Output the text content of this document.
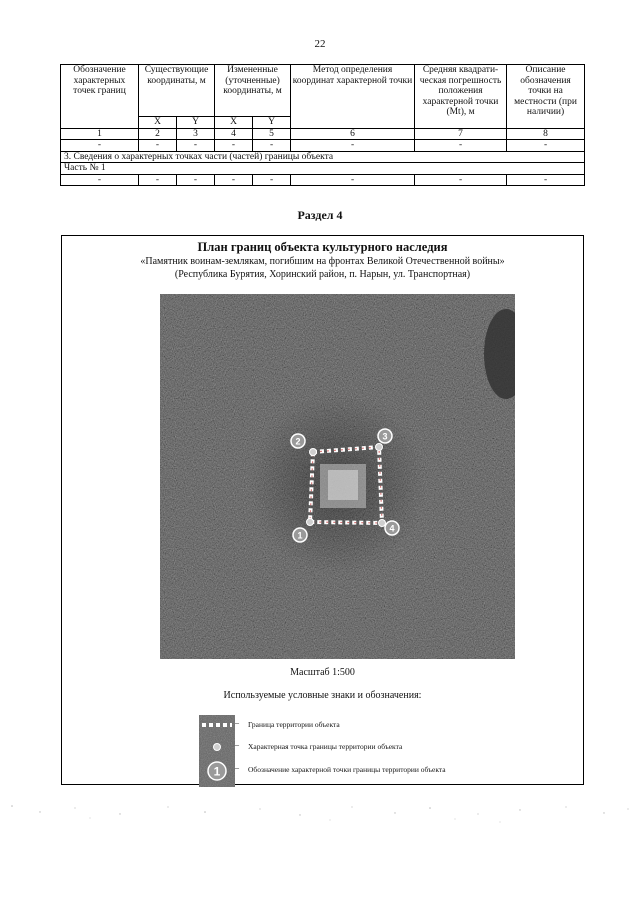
22
Обозначение характерных точек границ	Существующие координаты, м		Измененные (уточненные) координаты, м		Метод определения координат характерной точки	Средняя квадрати-ческая погрешность положения характерной точки (Mt), м	Описание обозначения точки на местности (при наличии)
	X	Y	X	Y			
1	2	3	4	5	6	7	8
-	-	-	-	-	-	-	-
3. Сведения о характерных точках части (частей) границы объекта							
Часть № 1							
-	-	-	-	-	-	-	-
Раздел 4
План границ объекта культурного наследия
«Памятник воинам-землякам, погибшим на фронтах Великой Отечественной войны»
(Республика Бурятия, Хоринский район, п. Нарын, ул. Транспортная)
1
2	3
4
Масштаб 1:500
Используемые условные знаки и обозначения:
1
– Граница территории объекта
– Характерная точка границы территории объекта
– Обозначение характерной точки границы территории объекта
